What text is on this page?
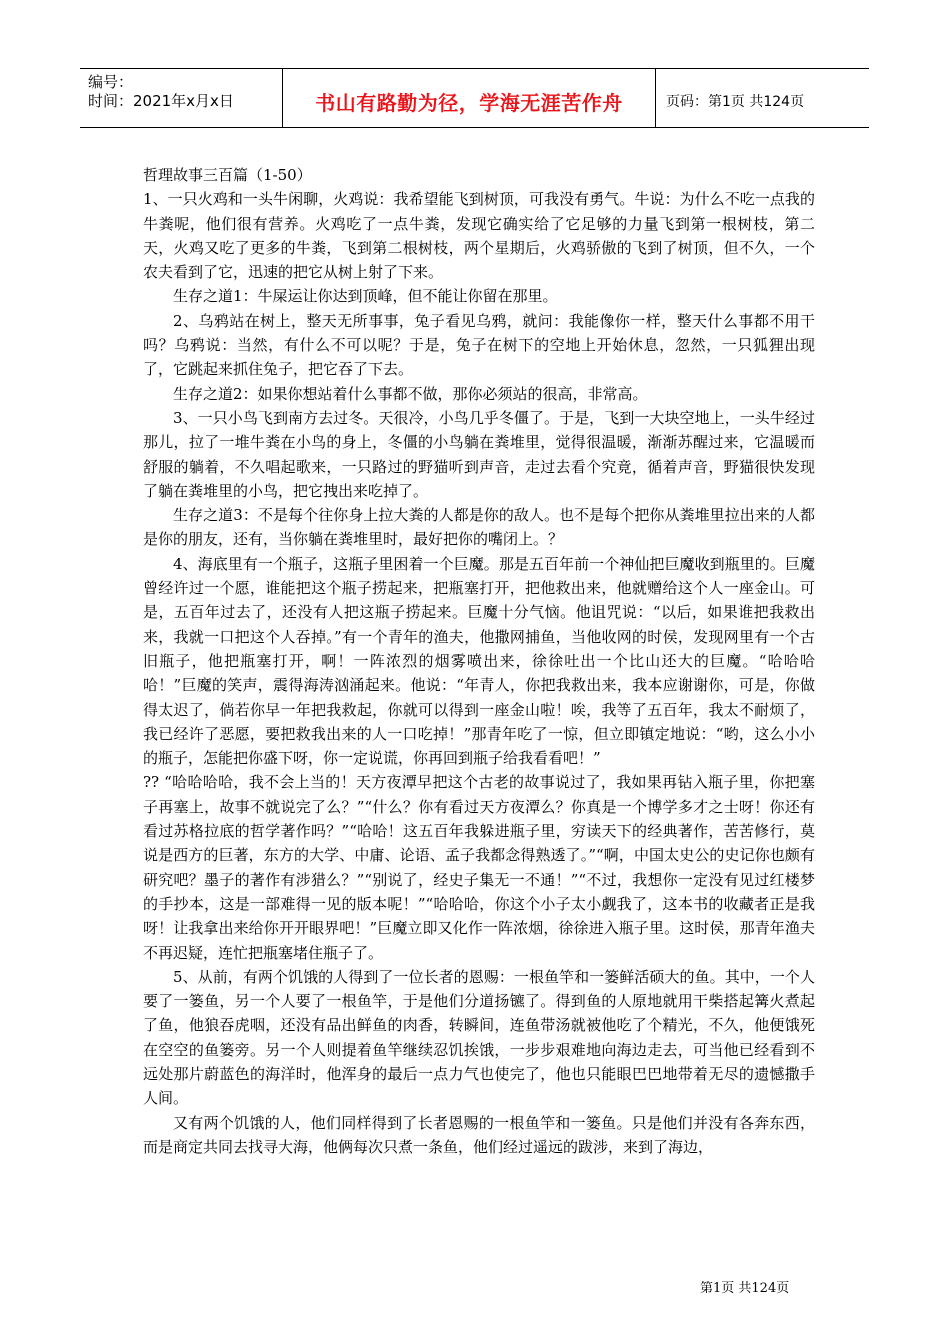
编号：
时间：2021年x月x日	书山有路勤为径，学海无涯苦作舟	页码：第1页 共124页

哲理故事三百篇（1-50）

1、一只火鸡和一头牛闲聊，火鸡说：我希望能飞到树顶，可我没有勇气。牛说：为什么不吃一点我的牛粪呢，他们很有营养。火鸡吃了一点牛粪，发现它确实给了它足够的力量飞到第一根树枝，第二天，火鸡又吃了更多的牛粪，飞到第二根树枝，两个星期后，火鸡骄傲的飞到了树顶，但不久，一个农夫看到了它，迅速的把它从树上射了下来。

生存之道1：牛屎运让你达到顶峰，但不能让你留在那里。

2、乌鸦站在树上，整天无所事事，兔子看见乌鸦，就问：我能像你一样，整天什么事都不用干吗？乌鸦说：当然，有什么不可以呢？于是，兔子在树下的空地上开始休息，忽然，一只狐狸出现了，它跳起来抓住兔子，把它吞了下去。

生存之道2：如果你想站着什么事都不做，那你必须站的很高，非常高。

3、一只小鸟飞到南方去过冬。天很冷，小鸟几乎冬僵了。于是，飞到一大块空地上，一头牛经过那儿，拉了一堆牛粪在小鸟的身上，冬僵的小鸟躺在粪堆里，觉得很温暖，渐渐苏醒过来，它温暖而舒服的躺着，不久唱起歌来，一只路过的野猫听到声音，走过去看个究竟，循着声音，野猫很快发现了躺在粪堆里的小鸟，把它拽出来吃掉了。

生存之道3：不是每个往你身上拉大粪的人都是你的敌人。也不是每个把你从粪堆里拉出来的人都是你的朋友，还有，当你躺在粪堆里时，最好把你的嘴闭上。？

4、海底里有一个瓶子，这瓶子里困着一个巨魔。那是五百年前一个神仙把巨魔收到瓶里的。巨魔曾经许过一个愿，谁能把这个瓶子捞起来，把瓶塞打开，把他救出来，他就赠给这个人一座金山。可是，五百年过去了，还没有人把这瓶子捞起来。巨魔十分气恼。他诅咒说：“以后，如果谁把我救出来，我就一口把这个人吞掉。”有一个青年的渔夫，他撒网捕鱼，当他收网的时侯，发现网里有一个古旧瓶子，他把瓶塞打开，啊！一阵浓烈的烟雾喷出来，徐徐吐出一个比山还大的巨魔。“哈哈哈哈！”巨魔的笑声，震得海涛汹涌起来。他说：“年青人，你把我救出来，我本应谢谢你，可是，你做得太迟了，倘若你早一年把我救起，你就可以得到一座金山啦！唉，我等了五百年，我太不耐烦了，我已经许了恶愿，要把救我出来的人一口吃掉！”那青年吃了一惊，但立即镇定地说：“哟，这么小小的瓶子，怎能把你盛下呀，你一定说谎，你再回到瓶子给我看看吧！”

?? “哈哈哈哈，我不会上当的！天方夜潭早把这个古老的故事说过了，我如果再钻入瓶子里，你把塞子再塞上，故事不就说完了么？”“什么？你有看过天方夜潭么？你真是一个博学多才之士呀！你还有看过苏格拉底的哲学著作吗？”“哈哈！这五百年我躲进瓶子里，穷读天下的经典著作，苦苦修行，莫说是西方的巨著，东方的大学、中庸、论语、孟子我都念得熟透了。”“啊，中国太史公的史记你也颇有研究吧？墨子的著作有涉猎么？”“别说了，经史子集无一不通！”“不过，我想你一定没有见过红楼梦的手抄本，这是一部难得一见的版本呢！”“哈哈哈，你这个小子太小觑我了，这本书的收藏者正是我呀！让我拿出来给你开开眼界吧！”巨魔立即又化作一阵浓烟，徐徐进入瓶子里。这时侯，那青年渔夫不再迟疑，连忙把瓶塞堵住瓶子了。

5、从前，有两个饥饿的人得到了一位长者的恩赐：一根鱼竿和一篓鲜活硕大的鱼。其中，一个人要了一篓鱼，另一个人要了一根鱼竿，于是他们分道扬镳了。得到鱼的人原地就用干柴搭起篝火煮起了鱼，他狼吞虎咽，还没有品出鲜鱼的肉香，转瞬间，连鱼带汤就被他吃了个精光，不久，他便饿死在空空的鱼篓旁。另一个人则提着鱼竿继续忍饥挨饿，一步步艰难地向海边走去，可当他已经看到不远处那片蔚蓝色的海洋时，他浑身的最后一点力气也使完了，他也只能眼巴巴地带着无尽的遗憾撒手人间。

又有两个饥饿的人，他们同样得到了长者恩赐的一根鱼竿和一篓鱼。只是他们并没有各奔东西，而是商定共同去找寻大海，他俩每次只煮一条鱼，他们经过遥远的跋涉，来到了海边，

第1页 共124页
